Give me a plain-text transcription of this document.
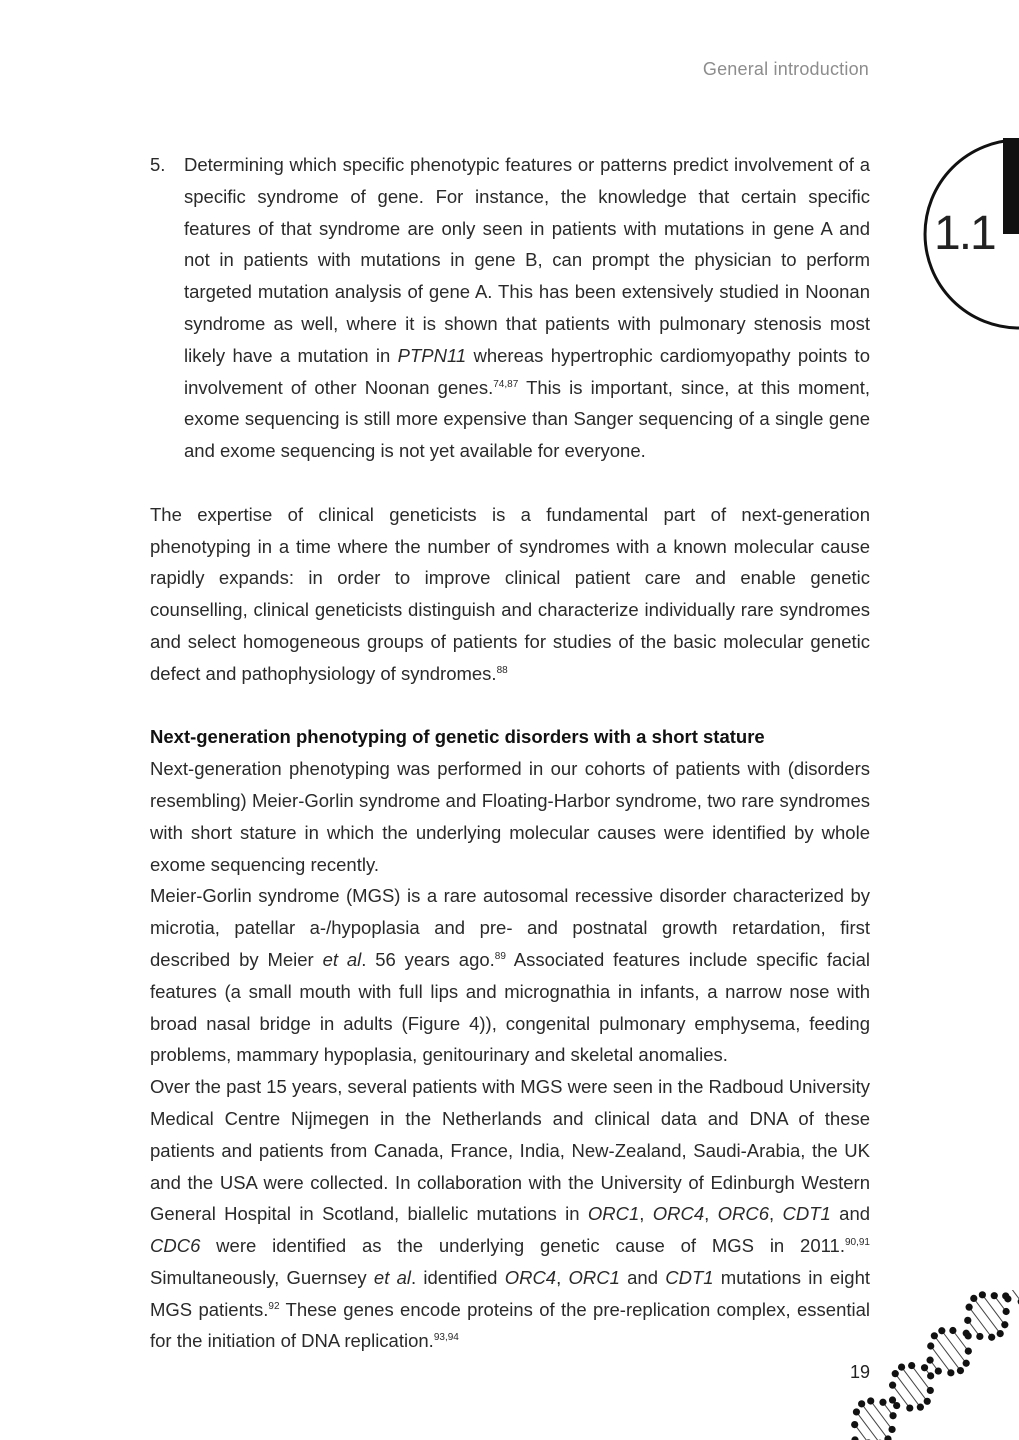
General introduction
1.1
5.	Determining which specific phenotypic features or patterns predict involvement of a specific syndrome of gene. For instance, the knowledge that certain specific features of that syndrome are only seen in patients with mutations in gene A and not in patients with mutations in gene B, can prompt the physician to perform targeted mutation analysis of gene A. This has been extensively studied in Noonan syndrome as well, where it is shown that patients with pulmonary stenosis most likely have a mutation in PTPN11 whereas hypertrophic cardiomyopathy points to involvement of other Noonan genes.$^{74,87}$ This is important, since, at this moment, exome sequencing is still more expensive than Sanger sequencing of a single gene and exome sequencing is not yet available for everyone.

The expertise of clinical geneticists is a fundamental part of next-generation phenotyping in a time where the number of syndromes with a known molecular cause rapidly expands: in order to improve clinical patient care and enable genetic counselling, clinical geneticists distinguish and characterize individually rare syndromes and select homogeneous groups of patients for studies of the basic molecular genetic defect and pathophysiology of syndromes.$^{88}$

Next-generation phenotyping of genetic disorders with a short stature

Next-generation phenotyping was performed in our cohorts of patients with (disorders resembling) Meier-Gorlin syndrome and Floating-Harbor syndrome, two rare syndromes with short stature in which the underlying molecular causes were identified by whole exome sequencing recently.

Meier-Gorlin syndrome (MGS) is a rare autosomal recessive disorder characterized by microtia, patellar a-/hypoplasia and pre- and postnatal growth retardation, first described by Meier et al. 56 years ago.$^{89}$ Associated features include specific facial features (a small mouth with full lips and micrognathia in infants, a narrow nose with broad nasal bridge in adults (Figure 4)), congenital pulmonary emphysema, feeding problems, mammary hypoplasia, genitourinary and skeletal anomalies.

Over the past 15 years, several patients with MGS were seen in the Radboud University Medical Centre Nijmegen in the Netherlands and clinical data and DNA of these patients and patients from Canada, France, India, New-Zealand, Saudi-Arabia, the UK and the USA were collected. In collaboration with the University of Edinburgh Western General Hospital in Scotland, biallelic mutations in ORC1, ORC4, ORC6, CDT1 and CDC6 were identified as the underlying genetic cause of MGS in 2011.$^{90,91}$ Simultaneously, Guernsey et al. identified ORC4, ORC1 and CDT1 mutations in eight MGS patients.$^{92}$ These genes encode proteins of the pre-replication complex, essential for the initiation of DNA replication.$^{93,94}$

19
